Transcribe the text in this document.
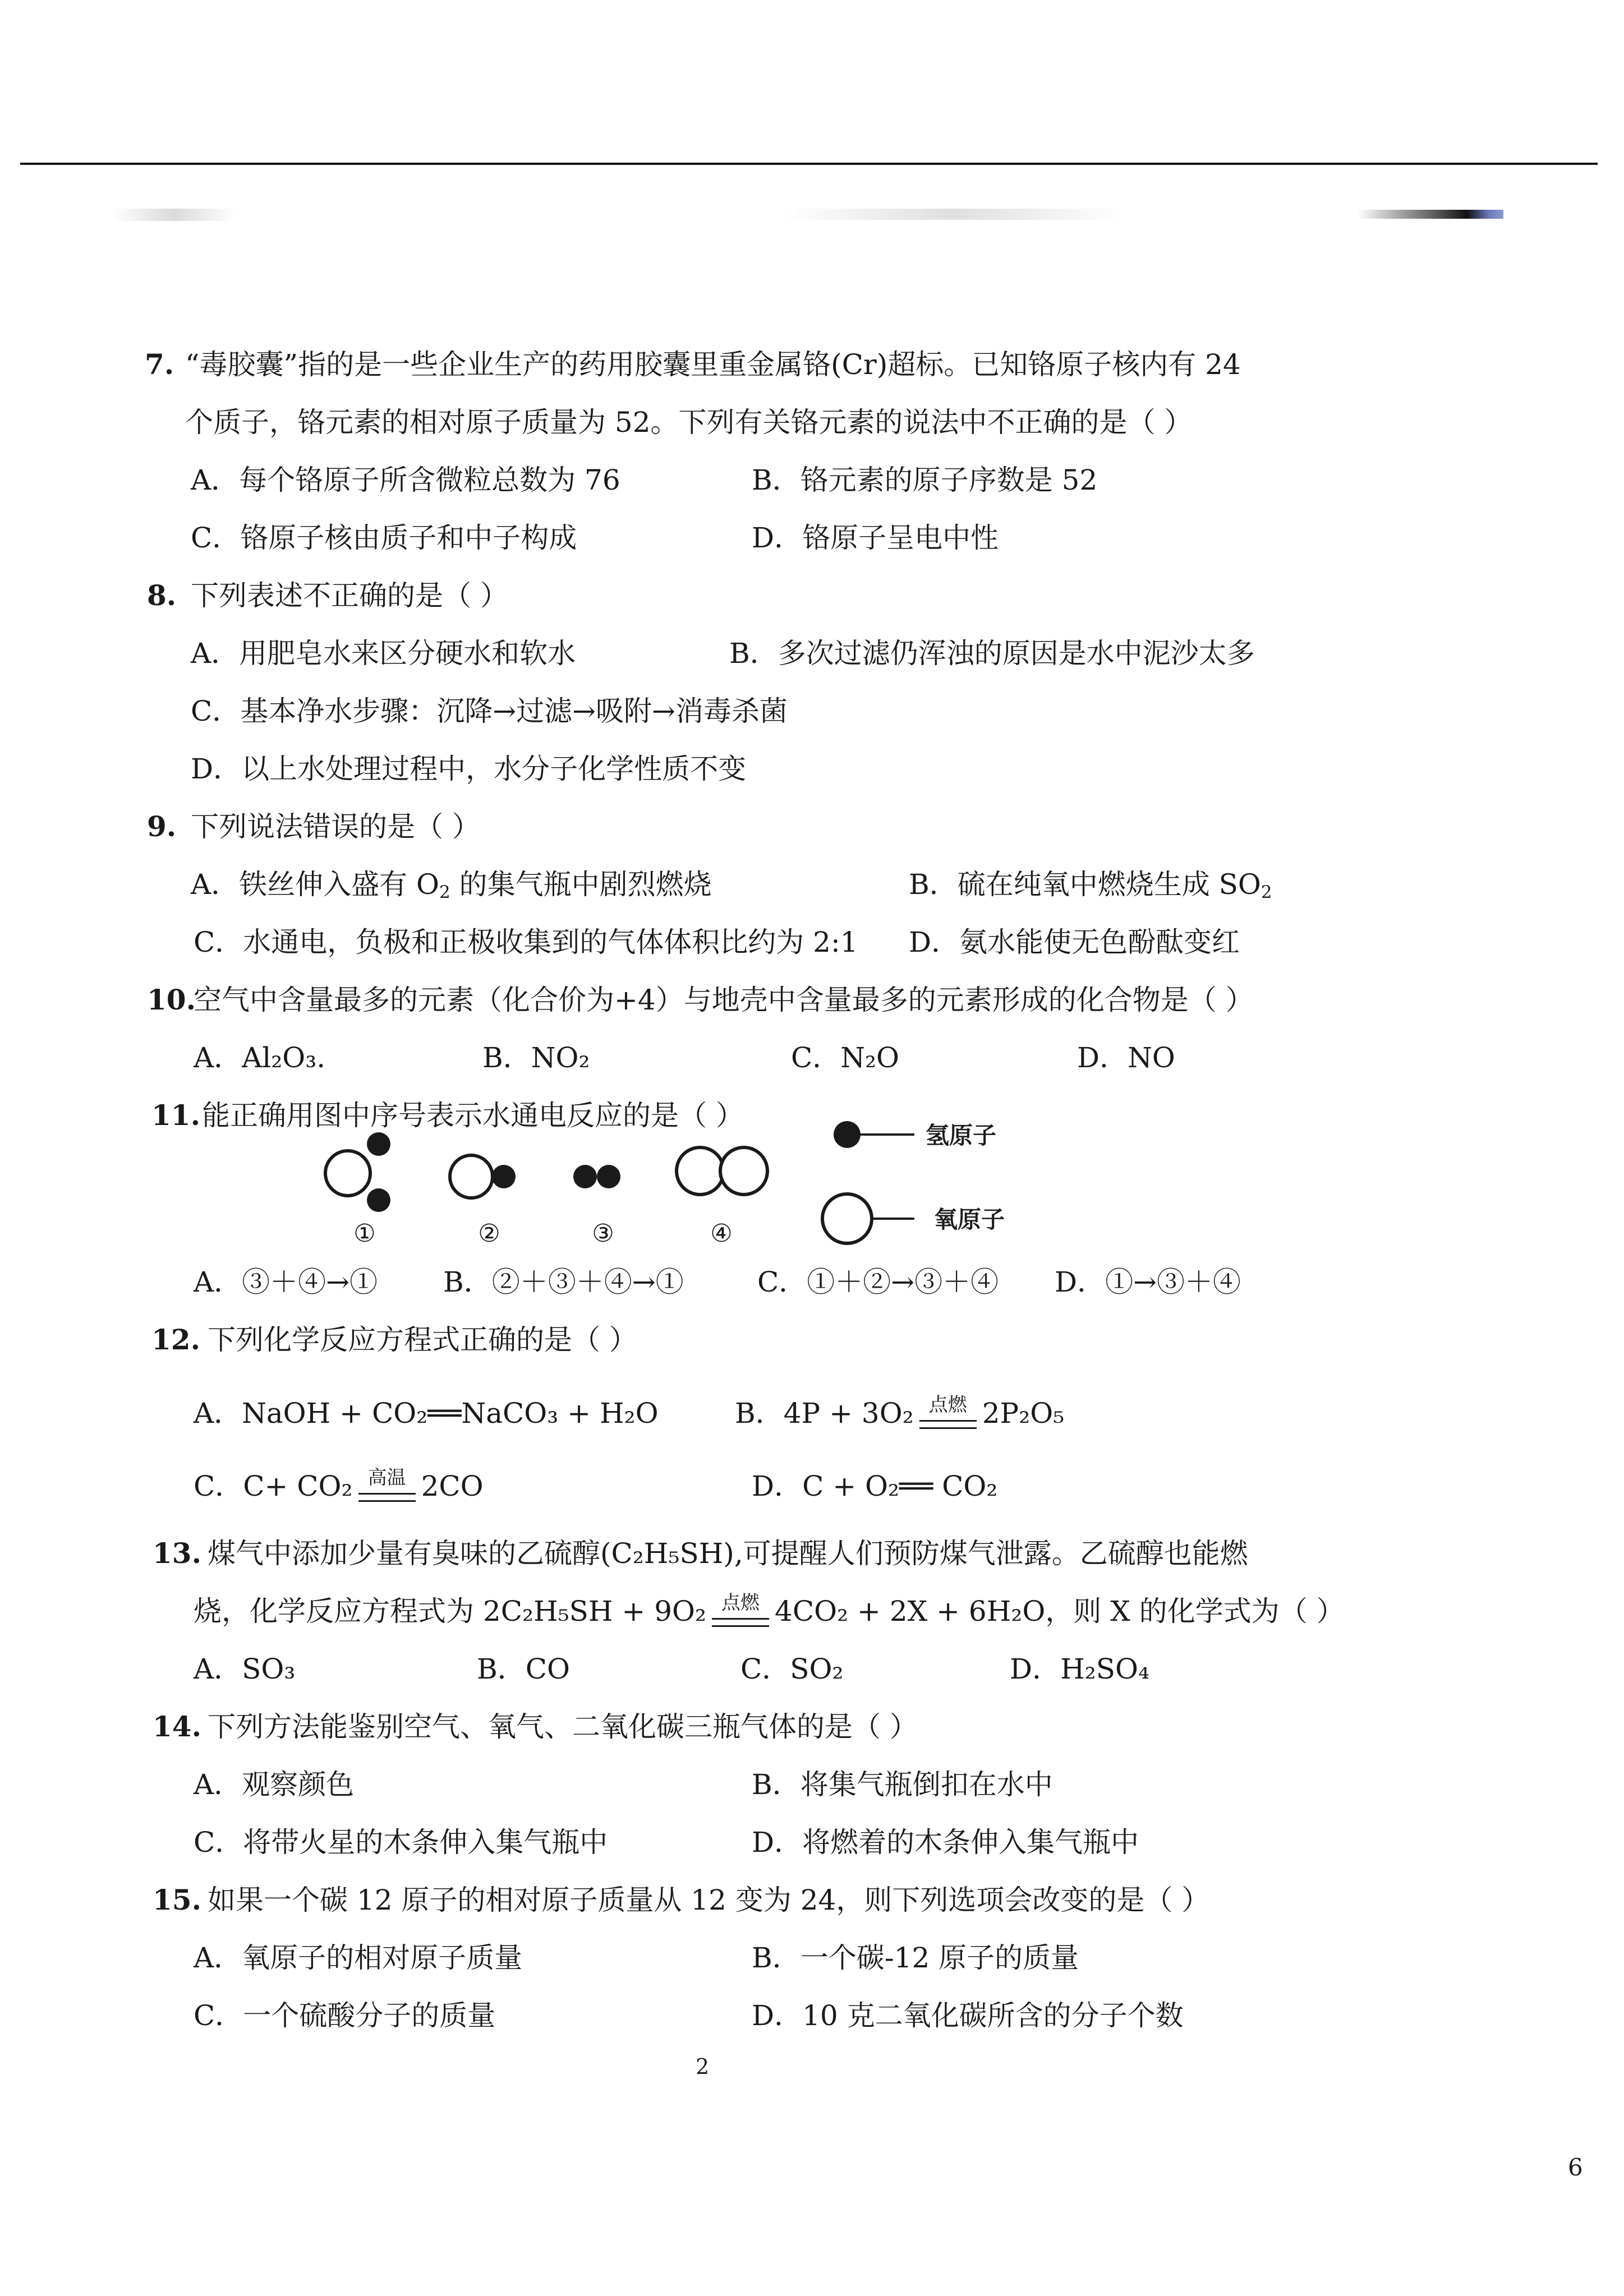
7. “毒胶囊”指的是一些企业生产的药用胶囊里重金属铬(Cr)超标。已知铬原子核内有 24
个质子，铬元素的相对原子质量为 52。下列有关铬元素的说法中不正确的是（ ）
A．每个铬原子所含微粒总数为 76	B．铬元素的原子序数是 52
C．铬原子核由质子和中子构成	D．铬原子呈电中性
8. 下列表述不正确的是（ ）
A．用肥皂水来区分硬水和软水	B．多次过滤仍浑浊的原因是水中泥沙太多
C．基本净水步骤：沉降→过滤→吸附→消毒杀菌
D．以上水处理过程中，水分子化学性质不变
9. 下列说法错误的是（ ）
A．铁丝伸入盛有 $O_2$ 的集气瓶中剧烈燃烧	B．硫在纯氧中燃烧生成 $SO_2$
C．水通电，负极和正极收集到的气体体积比约为 2:1 D．氨水能使无色酚酞变红
10.
空气中含量最多的元素（化合价为+4）与地壳中含量最多的元素形成的化合物是（ ）
A．Al₂O₃.	B．NO₂	C．N₂O	D．NO
11. 能正确用图中序号表示水通电反应的是（ ）
①	②	③	④
氢原子
氧原子
A．③＋④→① B．②＋③＋④→①	C．①＋②→③＋④ D．①→③＋④
12. 下列化学反应方程式正确的是（ ）
A．NaOH + CO₂══NaCO₃ + H₂O	B．4P + 3O₂ 点燃 2P₂O₅
C．C+ CO₂ 高温 2CO	D．C + O₂══ CO₂
13. 煤气中添加少量有臭味的乙硫醇(C₂H₅SH),可提醒人们预防煤气泄露。乙硫醇也能燃
烧，化学反应方程式为 2C₂H₅SH + 9O₂ 点燃 4CO₂ + 2X + 6H₂O，则 X 的化学式为（ ）
A．SO₃	B．CO	C．SO₂	D．H₂SO₄
14. 下列方法能鉴别空气、氧气、二氧化碳三瓶气体的是（ ）
A．观察颜色	B．将集气瓶倒扣在水中
C．将带火星的木条伸入集气瓶中	D．将燃着的木条伸入集气瓶中
15. 如果一个碳 12 原子的相对原子质量从 12 变为 24，则下列选项会改变的是（ ）
A．氧原子的相对原子质量	B．一个碳-12 原子的质量
C．一个硫酸分子的质量	D．10 克二氧化碳所含的分子个数
2
6
